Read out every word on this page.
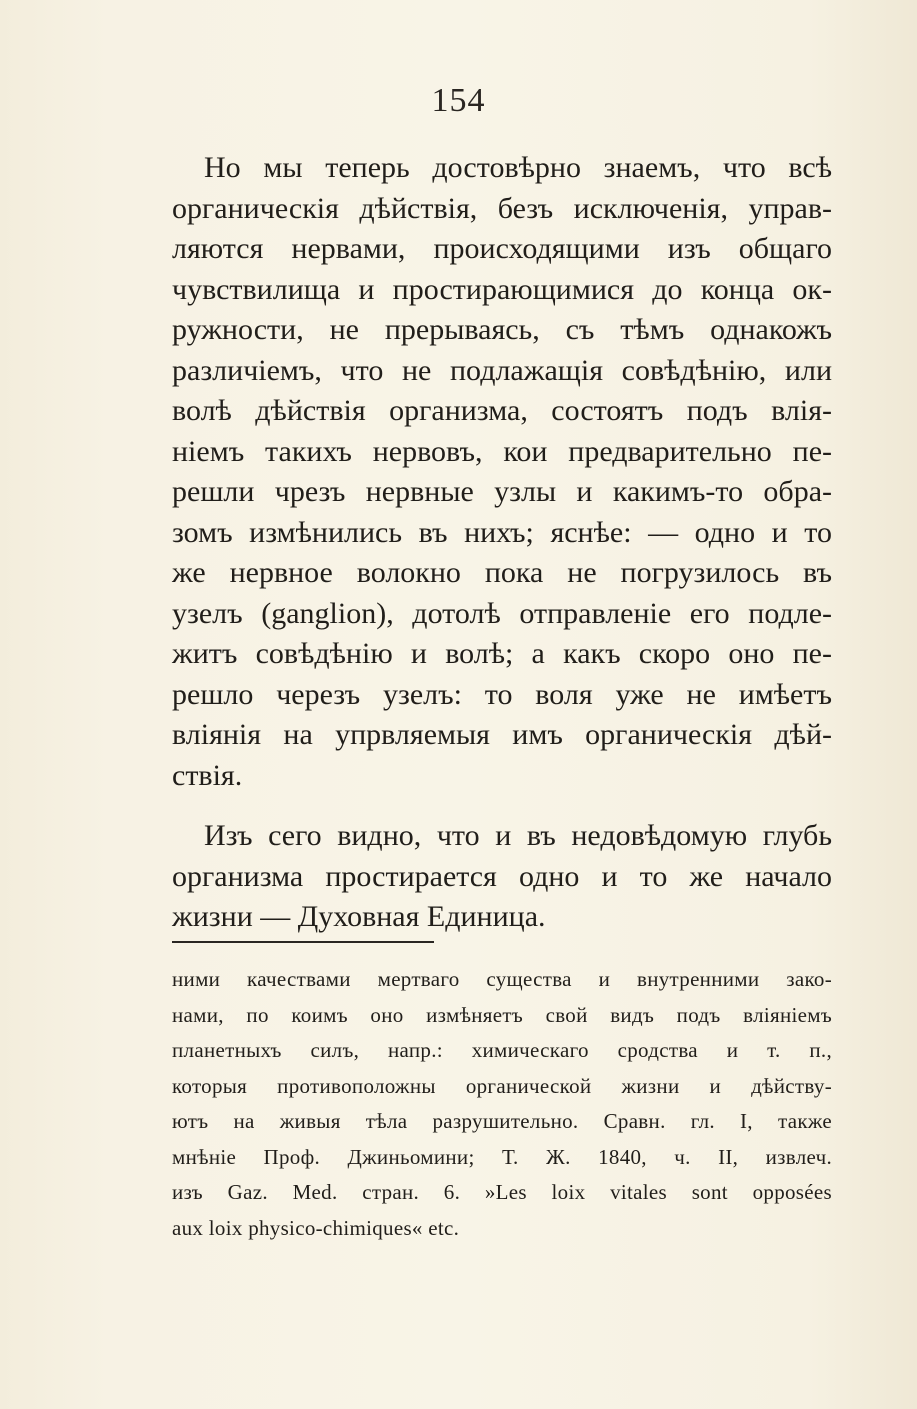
154
Но мы теперь достовѣрно знаемъ, что всѣ
органическія дѣйствія, безъ исключенія, управ-
ляются нервами, происходящими изъ общаго
чувствилища и простирающимися до конца ок-
ружности, не прерываясь, съ тѣмъ однакожъ
различіемъ, что не подлажащія совѣдѣнію, или
волѣ дѣйствія организма, состоятъ подъ влія-
ніемъ такихъ нервовъ, кои предварительно пе-
решли чрезъ нервные узлы и какимъ-то обра-
зомъ измѣнились въ нихъ; яснѣе: — одно и то
же нервное волокно пока не погрузилось въ
узелъ (ganglion), дотолѣ отправленіе его подле-
житъ совѣдѣнію и волѣ; а какъ скоро оно пе-
решло черезъ узелъ: то воля уже не имѣетъ
вліянія на упрвляемыя имъ органическія дѣй-
ствія.
Изъ сего видно, что и въ недовѣдомую глубь
организма простирается одно и то же начало
жизни — Духовная Единица.
ними качествами мертваго существа и внутренними зако-
нами, по коимъ оно измѣняетъ свой видъ подъ вліяніемъ
планетныхъ силъ, напр.: химическаго сродства и т. п.,
которыя противоположны органической жизни и дѣйству-
ютъ на живыя тѣла разрушительно. Сравн. гл. I, также
мнѣніе Проф. Джиньомини; Т. Ж. 1840, ч. II, извлеч.
изъ Gaz. Med. стран. 6. »Les loix vitales sont opposées
aux loix physico-chimiques« etc.
